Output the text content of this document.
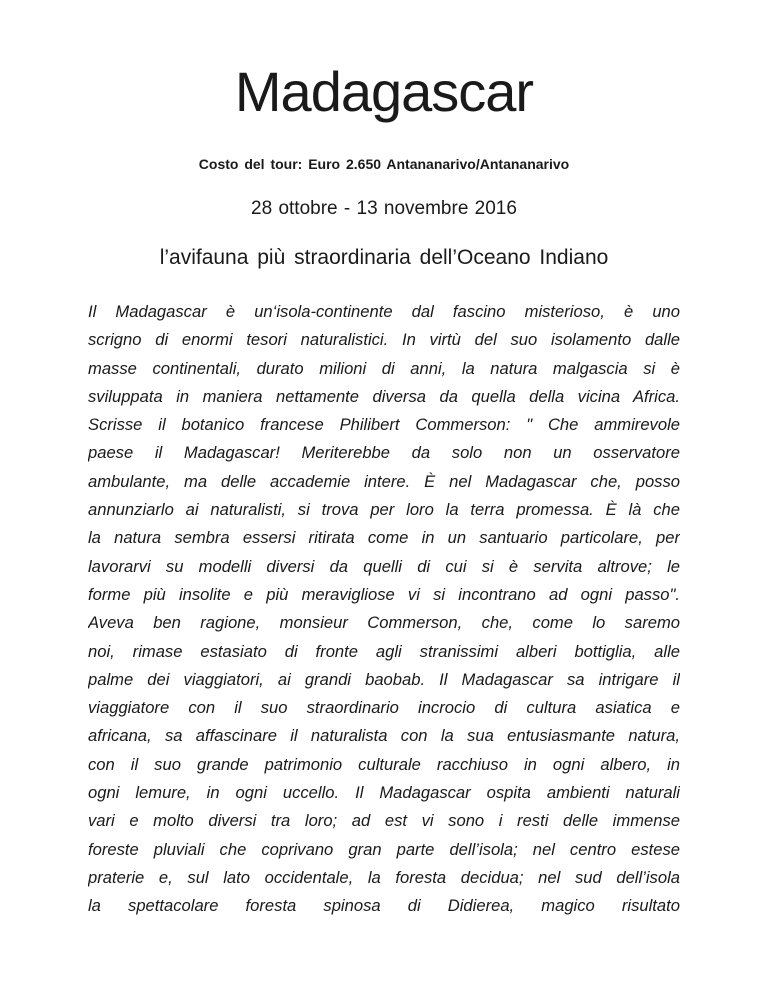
Madagascar

Costo del tour: Euro 2.650 Antananarivo/Antananarivo

28 ottobre - 13 novembre 2016

l’avifauna più straordinaria dell’Oceano Indiano

Il Madagascar è un‘isola-continente dal fascino misterioso, è uno
scrigno di enormi tesori naturalistici. In virtù del suo isolamento dalle
masse continentali, durato milioni di anni, la natura malgascia si è
sviluppata in maniera nettamente diversa da quella della vicina Africa.
Scrisse il botanico francese Philibert Commerson: " Che ammirevole
paese il Madagascar! Meriterebbe da solo non un osservatore
ambulante, ma delle accademie intere. È nel Madagascar che, posso
annunziarlo ai naturalisti, si trova per loro la terra promessa. È là che
la natura sembra essersi ritirata come in un santuario particolare, per
lavorarvi su modelli diversi da quelli di cui si è servita altrove; le
forme più insolite e più meravigliose vi si incontrano ad ogni passo".
Aveva ben ragione, monsieur Commerson, che, come lo saremo
noi, rimase estasiato di fronte agli stranissimi alberi bottiglia, alle
palme dei viaggiatori, ai grandi baobab. Il Madagascar sa intrigare il
viaggiatore con il suo straordinario incrocio di cultura asiatica e
africana, sa affascinare il naturalista con la sua entusiasmante natura,
con il suo grande patrimonio culturale racchiuso in ogni albero, in
ogni lemure, in ogni uccello. Il Madagascar ospita ambienti naturali
vari e molto diversi tra loro; ad est vi sono i resti delle immense
foreste pluviali che coprivano gran parte dell’isola; nel centro estese
praterie e, sul lato occidentale, la foresta decidua; nel sud dell’isola
la spettacolare foresta spinosa di Didierea, magico risultato
